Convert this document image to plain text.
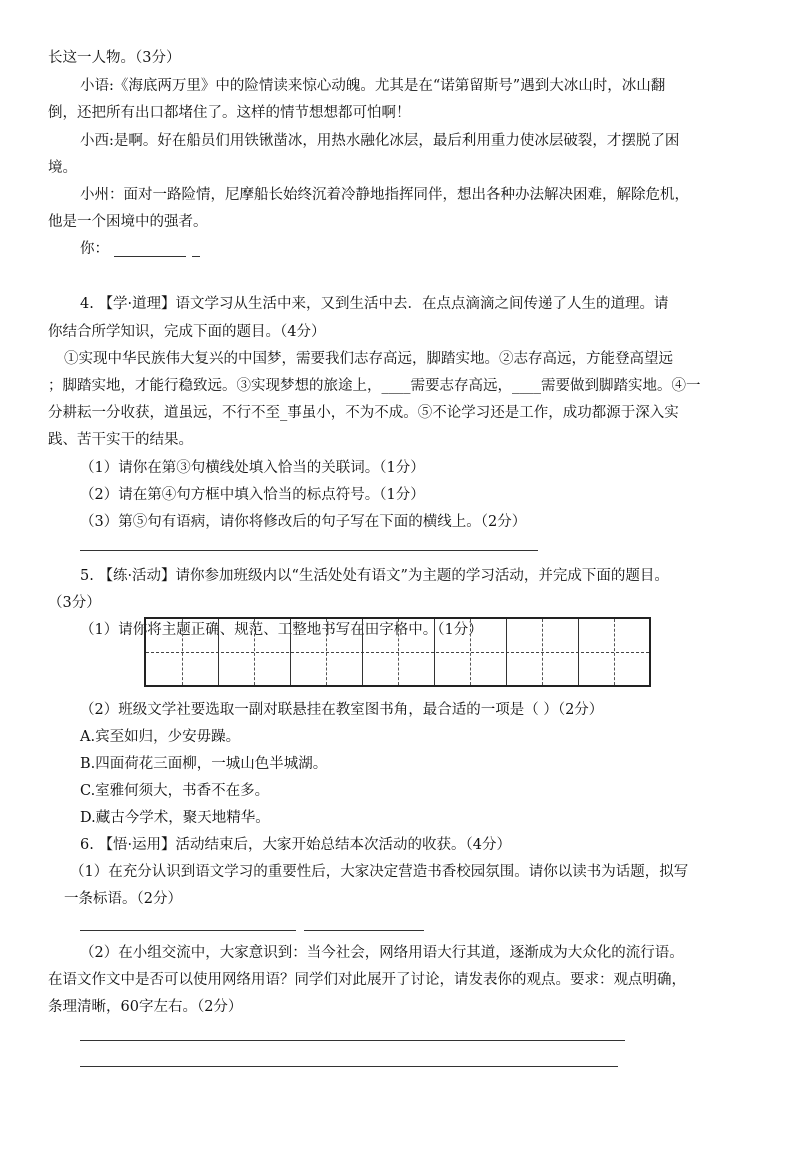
长这一人物。（3分）
小语:《海底两万里》中的险情读来惊心动魄。尤其是在“诺第留斯号”遇到大冰山时，冰山翻
倒，还把所有出口都堵住了。这样的情节想想都可怕啊！
小西:是啊。好在船员们用铁锹凿冰，用热水融化冰层，最后利用重力使冰层破裂，才摆脱了困
境。
小州：面对一路险情，尼摩船长始终沉着冷静地指挥同伴，想出各种办法解决困难，解除危机，
他是一个困境中的强者。
你：
4. 【学·道理】语文学习从生活中来，又到生活中去．在点点滴滴之间传递了人生的道理。请
你结合所学知识，完成下面的题目。（4分）
①实现中华民族伟大复兴的中国梦，需要我们志存高远，脚踏实地。②志存高远，方能登高望远
；脚踏实地，才能行稳致远。③实现梦想的旅途上，____需要志存高远，____需要做到脚踏实地。④一
分耕耘一分收获，道虽远，不行不至_事虽小，不为不成。⑤不论学习还是工作，成功都源于深入实
践、苦干实干的结果。
（1）请你在第③句横线处填入恰当的关联词。（1分）
（2）请在第④句方框中填入恰当的标点符号。（1分）
（3）第⑤句有语病，请你将修改后的句子写在下面的横线上。（2分）
5. 【练·活动】请你参加班级内以“生活处处有语文”为主题的学习活动，并完成下面的题目。
（3分）
（1）请你将主题正确、规范、工整地书写在田字格中。（1分）
（2）班级文学社要选取一副对联悬挂在教室图书角，最合适的一项是（ ）（2分）
A.宾至如归，少安毋躁。
B.四面荷花三面柳，一城山色半城湖。
C.室雅何须大，书香不在多。
D.藏古今学术，聚天地精华。
6. 【悟·运用】活动结束后，大家开始总结本次活动的收获。（4分）
（1）在充分认识到语文学习的重要性后，大家决定营造书香校园氛围。请你以读书为话题，拟写
一条标语。（2分）
（2）在小组交流中，大家意识到：当今社会，网络用语大行其道，逐渐成为大众化的流行语。
在语文作文中是否可以使用网络用语？同学们对此展开了讨论，请发表你的观点。要求：观点明确，
条理清晰，60字左右。（2分）
